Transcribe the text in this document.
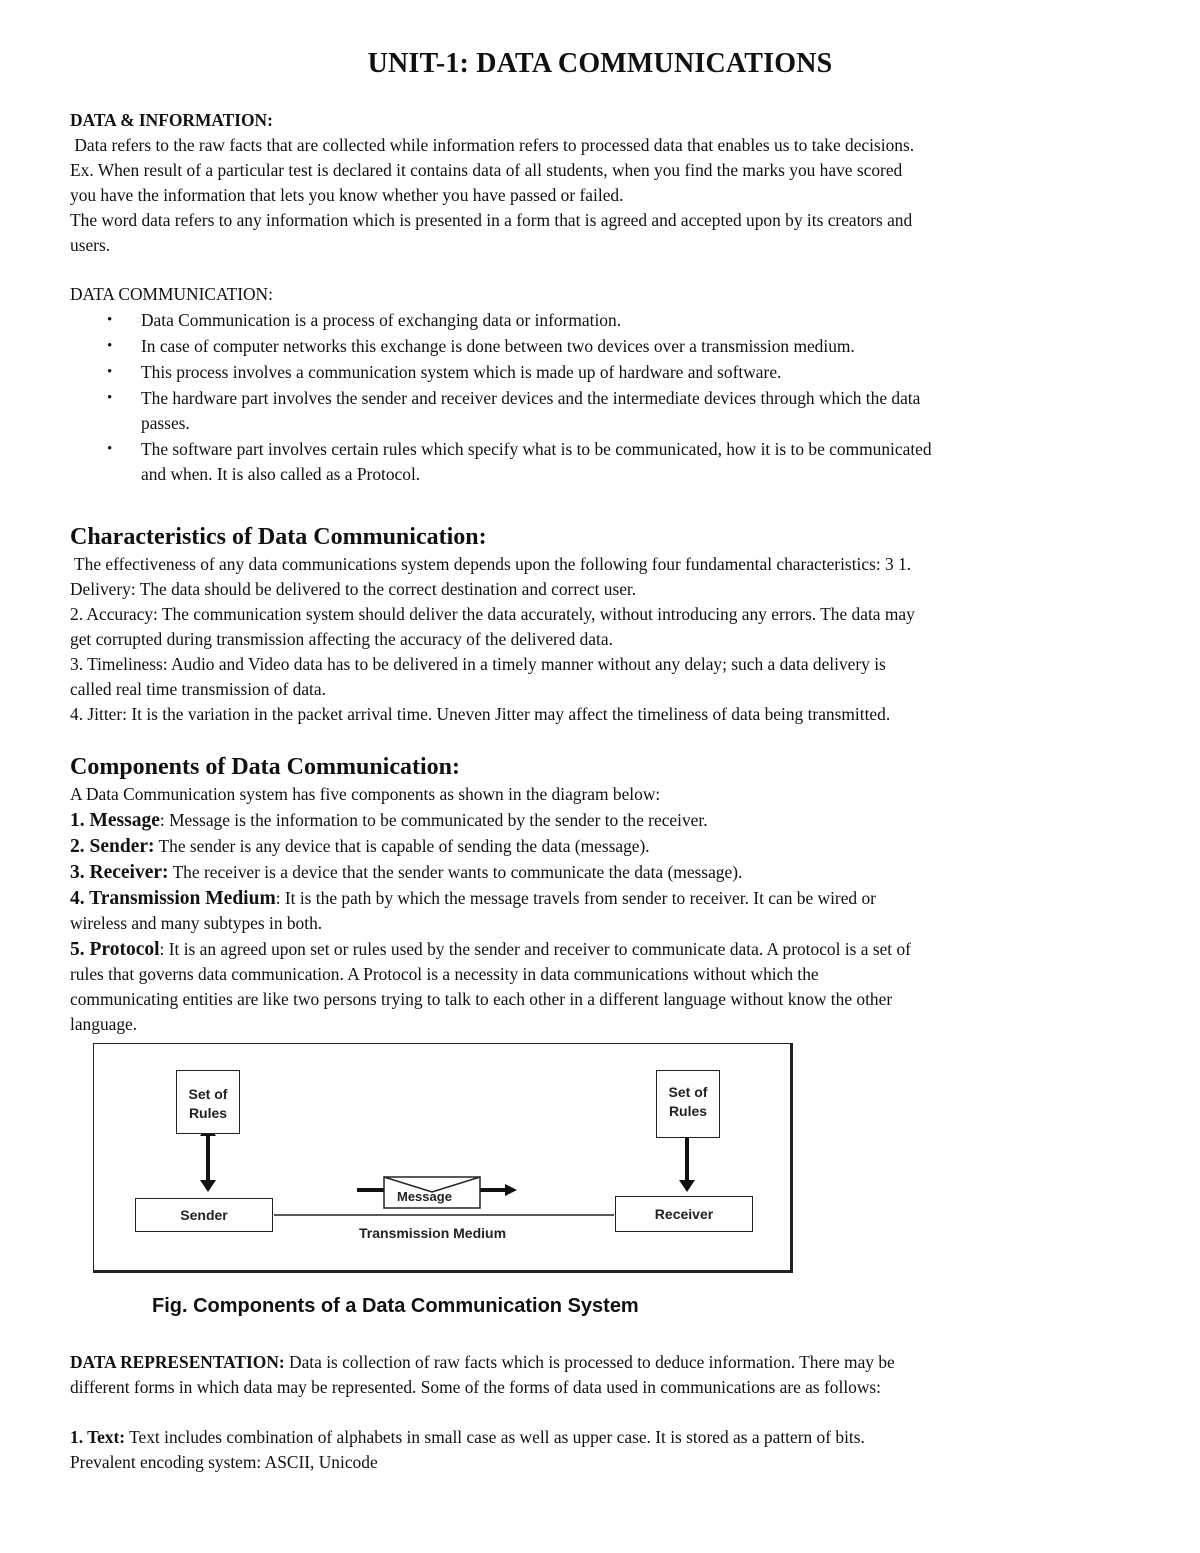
UNIT-1: DATA COMMUNICATIONS

DATA & INFORMATION:

Data refers to the raw facts that are collected while information refers to processed data that enables us to take decisions.

Ex. When result of a particular test is declared it contains data of all students, when you find the marks you have scored

you have the information that lets you know whether you have passed or failed.

The word data refers to any information which is presented in a form that is agreed and accepted upon by its creators and

users.

DATA COMMUNICATION:

• Data Communication is a process of exchanging data or information.
• In case of computer networks this exchange is done between two devices over a transmission medium.
• This process involves a communication system which is made up of hardware and software.
• The hardware part involves the sender and receiver devices and the intermediate devices through which the data
passes.
• The software part involves certain rules which specify what is to be communicated, how it is to be communicated
and when. It is also called as a Protocol.

Characteristics of Data Communication:

The effectiveness of any data communications system depends upon the following four fundamental characteristics: 3 1.

Delivery: The data should be delivered to the correct destination and correct user.

2. Accuracy: The communication system should deliver the data accurately, without introducing any errors. The data may

get corrupted during transmission affecting the accuracy of the delivered data.

3. Timeliness: Audio and Video data has to be delivered in a timely manner without any delay; such a data delivery is

called real time transmission of data.

4. Jitter: It is the variation in the packet arrival time. Uneven Jitter may affect the timeliness of data being transmitted.

Components of Data Communication:

A Data Communication system has five components as shown in the diagram below:

1. Message: Message is the information to be communicated by the sender to the receiver.

2. Sender: The sender is any device that is capable of sending the data (message).

3. Receiver: The receiver is a device that the sender wants to communicate the data (message).

4. Transmission Medium: It is the path by which the message travels from sender to receiver. It can be wired or
wireless and many subtypes in both.

5. Protocol: It is an agreed upon set or rules used by the sender and receiver to communicate data. A protocol is a set of
rules that governs data communication. A Protocol is a necessity in data communications without which the
communicating entities are like two persons trying to talk to each other in a different language without know the other
language.

Set of
Rules
Set of
Rules
Sender	Receiver
Message
Transmission Medium
Fig. Components of a Data Communication System

DATA REPRESENTATION: Data is collection of raw facts which is processed to deduce information. There may be

different forms in which data may be represented. Some of the forms of data used in communications are as follows:

1. Text: Text includes combination of alphabets in small case as well as upper case. It is stored as a pattern of bits.

Prevalent encoding system: ASCII, Unicode
